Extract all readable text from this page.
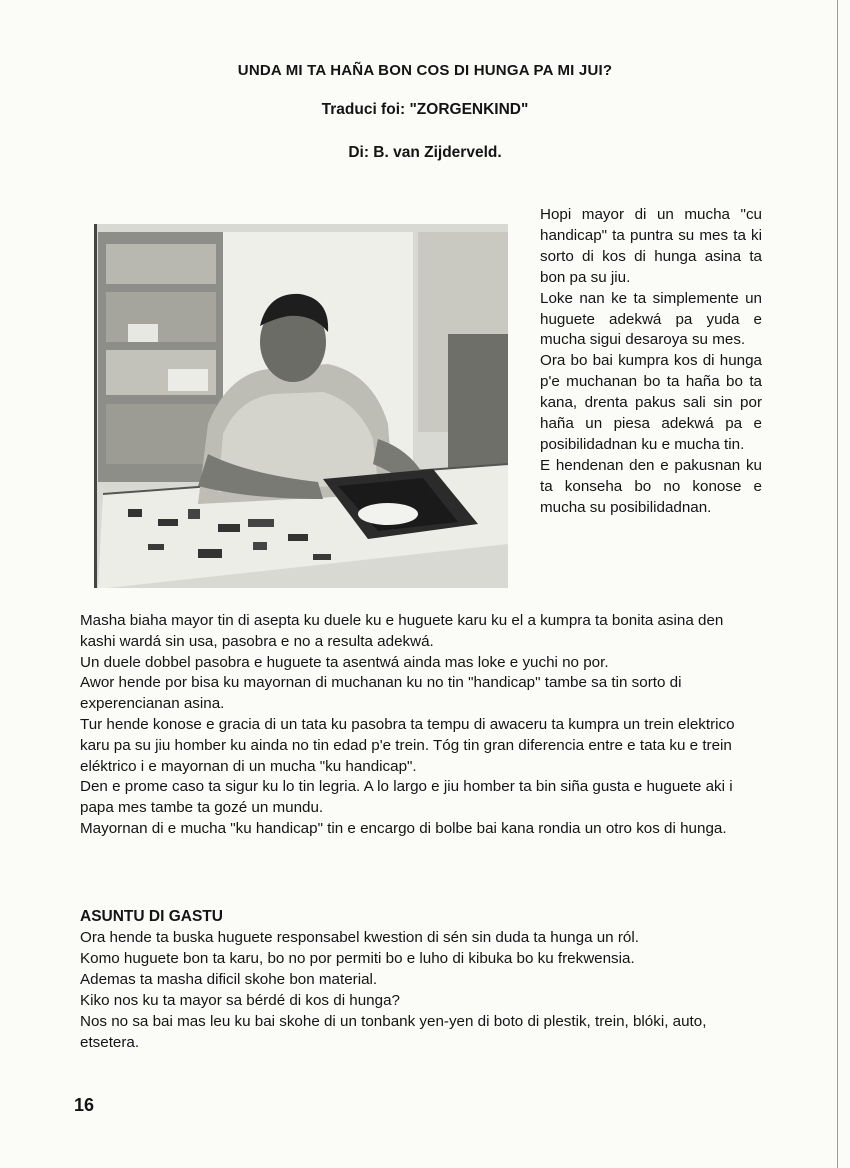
UNDA MI TA HAÑA BON COS DI HUNGA PA MI JUI?
Traduci foi: "ZORGENKIND"
Di: B. van Zijderveld.

Hopi mayor di un mucha "cu handicap" ta puntra su mes ta ki sorto di kos di hunga asina ta bon pa su jiu.

Loke nan ke ta simplemente un huguete adekwá pa yuda e mucha sigui desaroya su mes.

Ora bo bai kumpra kos di hunga p'e muchanan bo ta haña bo ta kana, drenta pakus sali sin por haña un piesa adekwá pa e posibilidadnan ku e mucha tin.

E hendenan den e pakusnan ku ta konseha bo no konose e mucha su posibilidadnan.

Masha biaha mayor tin di asepta ku duele ku e huguete karu ku el a kumpra ta bonita asina den kashi wardá sin usa, pasobra e no a resulta adekwá.

Un duele dobbel pasobra e huguete ta asentwá ainda mas loke e yuchi no por.

Awor hende por bisa ku mayornan di muchanan ku no tin "handicap" tambe sa tin sorto di experencianan asina.

Tur hende konose e gracia di un tata ku pasobra ta tempu di awaceru ta kumpra un trein elektrico karu pa su jiu homber ku ainda no tin edad p'e trein. Tóg tin gran diferencia entre e tata ku e trein eléktrico i e mayornan di un mucha "ku handicap".

Den e prome caso ta sigur ku lo tin legria. A lo largo e jiu homber ta bin siña gusta e huguete aki i papa mes tambe ta gozé un mundu.

Mayornan di e mucha "ku handicap" tin e encargo di bolbe bai kana rondia un otro kos di hunga.

ASUNTU DI GASTU

Ora hende ta buska huguete responsabel kwestion di sén sin duda ta hunga un ról.

Komo huguete bon ta karu, bo no por permiti bo e luho di kibuka bo ku frekwensia.

Ademas ta masha dificil skohe bon material.

Kiko nos ku ta mayor sa bérdé di kos di hunga?

Nos no sa bai mas leu ku bai skohe di un tonbank yen-yen di boto di plestik, trein, blóki, auto, etsetera.

16
